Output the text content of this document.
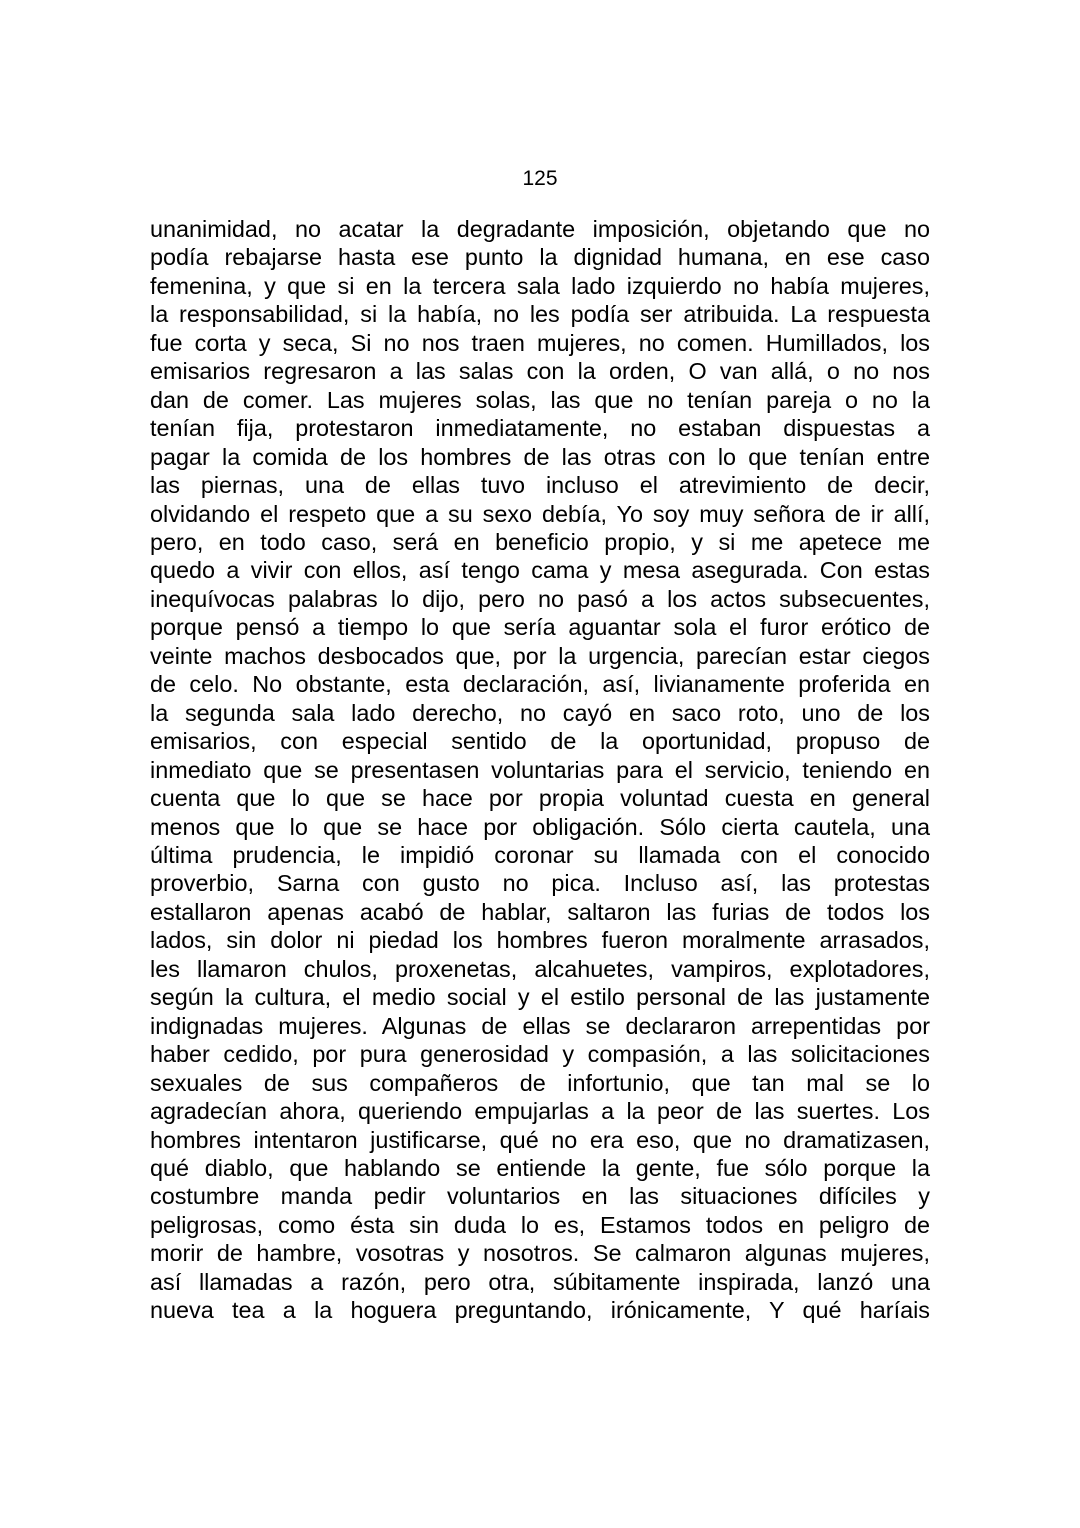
125
unanimidad, no acatar la degradante imposición, objetando que no
podía rebajarse hasta ese punto la dignidad humana, en ese caso
femenina, y que si en la tercera sala lado izquierdo no había mujeres,
la responsabilidad, si la había, no les podía ser atribuida. La respuesta
fue corta y seca, Si no nos traen mujeres, no comen. Humillados, los
emisarios regresaron a las salas con la orden, O van allá, o no nos
dan de comer. Las mujeres solas, las que no tenían pareja o no la
tenían fija, protestaron inmediatamente, no estaban dispuestas a
pagar la comida de los hombres de las otras con lo que tenían entre
las piernas, una de ellas tuvo incluso el atrevimiento de decir,
olvidando el respeto que a su sexo debía, Yo soy muy señora de ir allí,
pero, en todo caso, será en beneficio propio, y si me apetece me
quedo a vivir con ellos, así tengo cama y mesa asegurada. Con estas
inequívocas palabras lo dijo, pero no pasó a los actos subsecuentes,
porque pensó a tiempo lo que sería aguantar sola el furor erótico de
veinte machos desbocados que, por la urgencia, parecían estar ciegos
de celo. No obstante, esta declaración, así, livianamente proferida en
la segunda sala lado derecho, no cayó en saco roto, uno de los
emisarios, con especial sentido de la oportunidad, propuso de
inmediato que se presentasen voluntarias para el servicio, teniendo en
cuenta que lo que se hace por propia voluntad cuesta en general
menos que lo que se hace por obligación. Sólo cierta cautela, una
última prudencia, le impidió coronar su llamada con el conocido
proverbio, Sarna con gusto no pica. Incluso así, las protestas
estallaron apenas acabó de hablar, saltaron las furias de todos los
lados, sin dolor ni piedad los hombres fueron moralmente arrasados,
les llamaron chulos, proxenetas, alcahuetes, vampiros, explotadores,
según la cultura, el medio social y el estilo personal de las justamente
indignadas mujeres. Algunas de ellas se declararon arrepentidas por
haber cedido, por pura generosidad y compasión, a las solicitaciones
sexuales de sus compañeros de infortunio, que tan mal se lo
agradecían ahora, queriendo empujarlas a la peor de las suertes. Los
hombres intentaron justificarse, qué no era eso, que no dramatizasen,
qué diablo, que hablando se entiende la gente, fue sólo porque la
costumbre manda pedir voluntarios en las situaciones difíciles y
peligrosas, como ésta sin duda lo es, Estamos todos en peligro de
morir de hambre, vosotras y nosotros. Se calmaron algunas mujeres,
así llamadas a razón, pero otra, súbitamente inspirada, lanzó una
nueva tea a la hoguera preguntando, irónicamente, Y qué haríais
